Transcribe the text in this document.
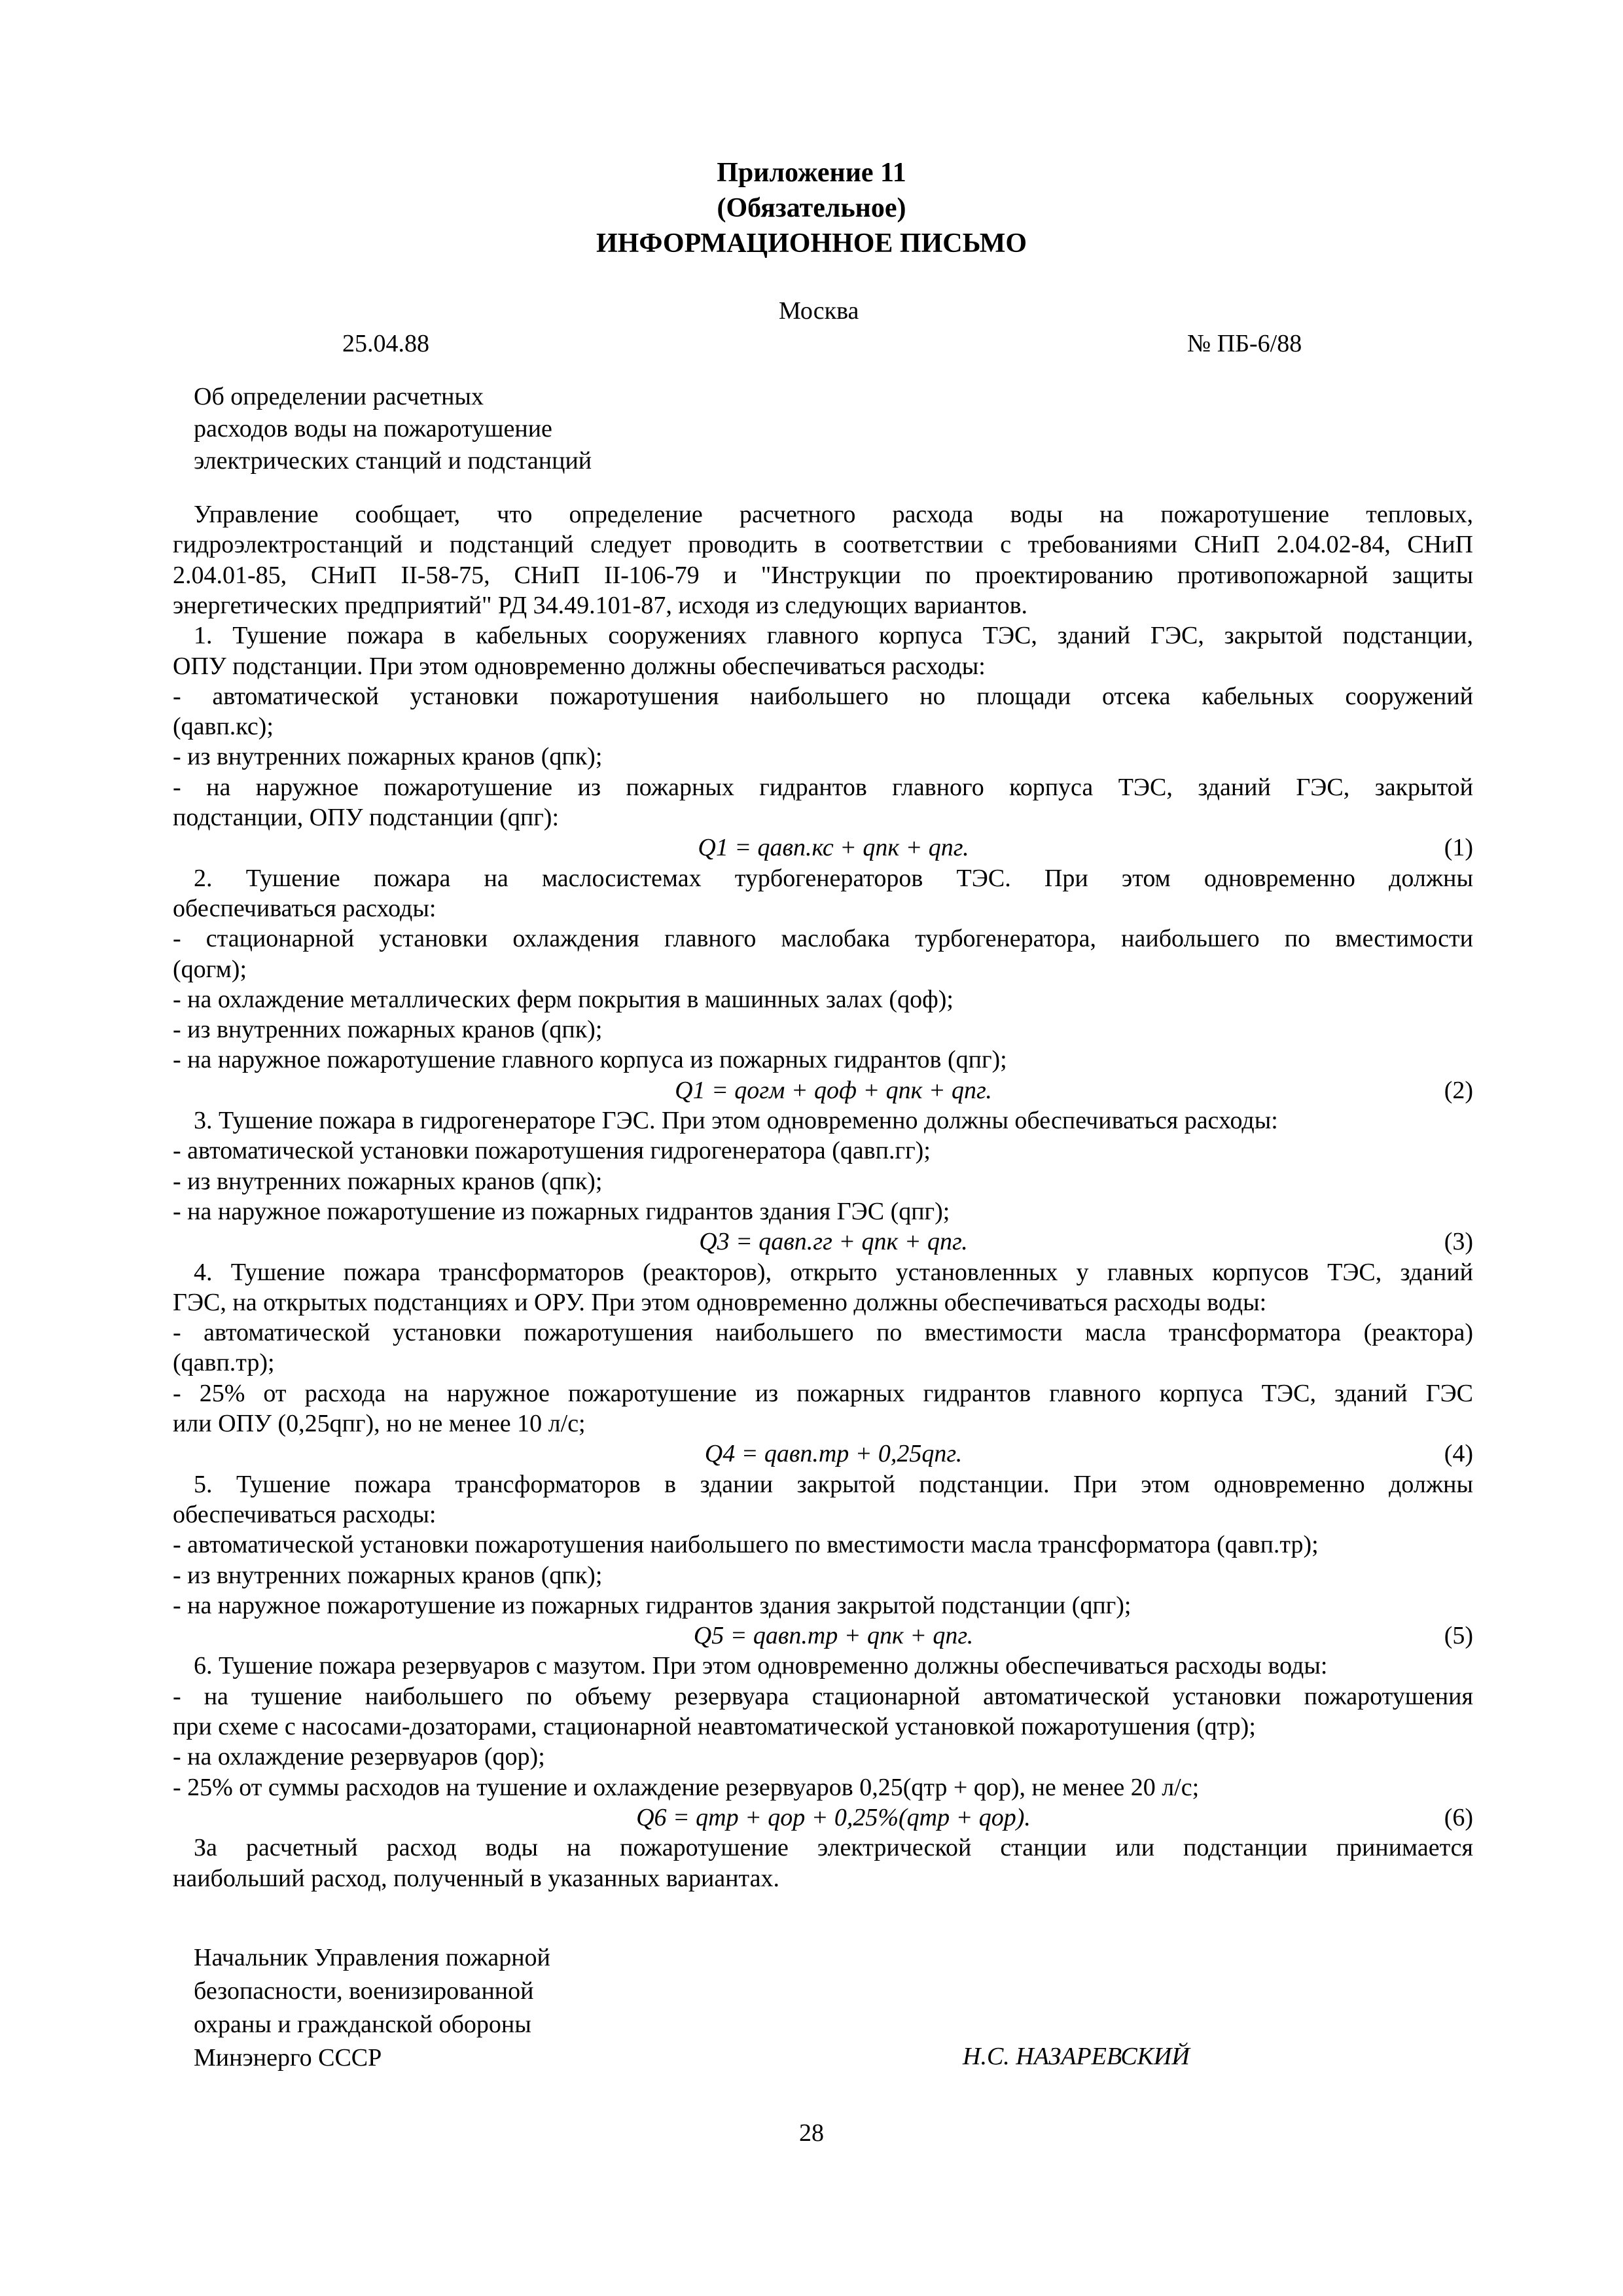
Приложение 11
(Обязательное)
ИНФОРМАЦИОННОЕ ПИСЬМО
Москва
25.04.88	№ ПБ-6/88
Об определении расчетных
расходов воды на пожаротушение
электрических станций и подстанций
Управление сообщает, что определение расчетного расхода воды на пожаротушение тепловых,
гидроэлектростанций и подстанций следует проводить в соответствии с требованиями СНиП 2.04.02-84, СНиП
2.04.01-85, СНиП II-58-75, СНиП II-106-79 и "Инструкции по проектированию противопожарной защиты
энергетических предприятий" РД 34.49.101-87, исходя из следующих вариантов.
1. Тушение пожара в кабельных сооружениях главного корпуса ТЭС, зданий ГЭС, закрытой подстанции,
ОПУ подстанции. При этом одновременно должны обеспечиваться расходы:
- автоматической установки пожаротушения наибольшего но площади отсека кабельных сооружений
(qавп.кс);
- из внутренних пожарных кранов (qпк);
- на наружное пожаротушение из пожарных гидрантов главного корпуса ТЭС, зданий ГЭС, закрытой
подстанции, ОПУ подстанции (qпг):
Q1 = qавп.кс + qпк + qпг.	(1)
2. Тушение пожара на маслосистемах турбогенераторов ТЭС. При этом одновременно должны
обеспечиваться расходы:
- стационарной установки охлаждения главного маслобака турбогенератора, наибольшего по вместимости
(qогм);
- на охлаждение металлических ферм покрытия в машинных залах (qоф);
- из внутренних пожарных кранов (qпк);
- на наружное пожаротушение главного корпуса из пожарных гидрантов (qпг);
Q1 = qогм + qоф + qпк + qпг.	(2)
3. Тушение пожара в гидрогенераторе ГЭС. При этом одновременно должны обеспечиваться расходы:
- автоматической установки пожаротушения гидрогенератора (qавп.гг);
- из внутренних пожарных кранов (qпк);
- на наружное пожаротушение из пожарных гидрантов здания ГЭС (qпг);
Q3 = qавп.гг + qпк + qпг.	(3)
4. Тушение пожара трансформаторов (реакторов), открыто установленных у главных корпусов ТЭС, зданий
ГЭС, на открытых подстанциях и ОРУ. При этом одновременно должны обеспечиваться расходы воды:
- автоматической установки пожаротушения наибольшего по вместимости масла трансформатора (реактора)
(qавп.тр);
- 25% от расхода на наружное пожаротушение из пожарных гидрантов главного корпуса ТЭС, зданий ГЭС
или ОПУ (0,25qпг), но не менее 10 л/с;
Q4 = qавп.тр + 0,25qпг.	(4)
5. Тушение пожара трансформаторов в здании закрытой подстанции. При этом одновременно должны
обеспечиваться расходы:
- автоматической установки пожаротушения наибольшего по вместимости масла трансформатора (qавп.тр);
- из внутренних пожарных кранов (qпк);
- на наружное пожаротушение из пожарных гидрантов здания закрытой подстанции (qпг);
Q5 = qавп.тр + qпк + qпг.	(5)
6. Тушение пожара резервуаров с мазутом. При этом одновременно должны обеспечиваться расходы воды:
- на тушение наибольшего по объему резервуара стационарной автоматической установки пожаротушения
при схеме с насосами-дозаторами, стационарной неавтоматической установкой пожаротушения (qтр);
- на охлаждение резервуаров (qор);
- 25% от суммы расходов на тушение и охлаждение резервуаров 0,25(qтр + qор), не менее 20 л/с;
Q6 = qтр + qор + 0,25%(qтр + qор).	(6)
За расчетный расход воды на пожаротушение электрической станции или подстанции принимается
наибольший расход, полученный в указанных вариантах.
Начальник Управления пожарной
безопасности, военизированной
охраны и гражданской обороны
Минэнерго СССР	Н.С. НАЗАРЕВСКИЙ
28
